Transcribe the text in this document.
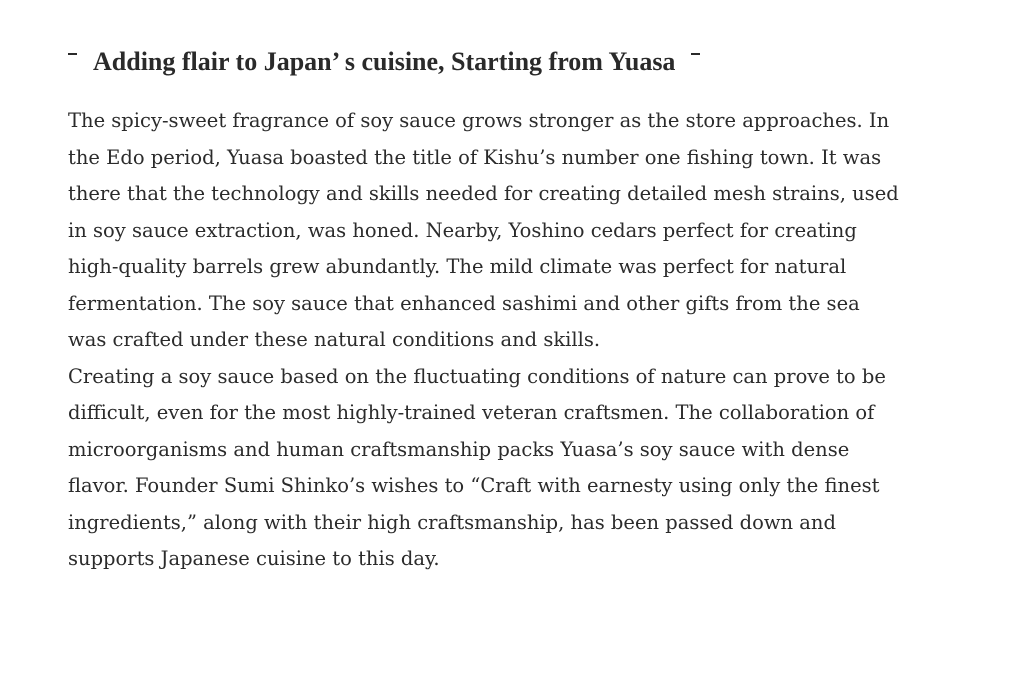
Adding flair to Japan’ s cuisine, Starting from Yuasa
The spicy-sweet fragrance of soy sauce grows stronger as the store approaches. In
the Edo period, Yuasa boasted the title of Kishu’s number one fishing town. It was
there that the technology and skills needed for creating detailed mesh strains, used
in soy sauce extraction, was honed. Nearby, Yoshino cedars perfect for creating
high-quality barrels grew abundantly. The mild climate was perfect for natural
fermentation. The soy sauce that enhanced sashimi and other gifts from the sea
was crafted under these natural conditions and skills.
Creating a soy sauce based on the fluctuating conditions of nature can prove to be
difficult, even for the most highly-trained veteran craftsmen. The collaboration of
microorganisms and human craftsmanship packs Yuasa’s soy sauce with dense
flavor. Founder Sumi Shinko’s wishes to “Craft with earnesty using only the finest
ingredients,” along with their high craftsmanship, has been passed down and
supports Japanese cuisine to this day.
